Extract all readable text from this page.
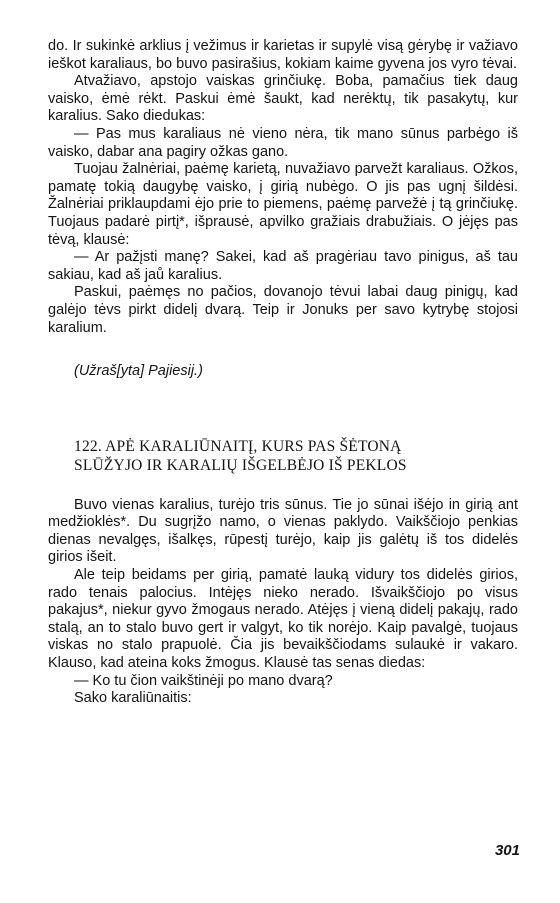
do. Ir sukinkė arklius į vežimus ir karietas ir supylė visą gėrybę ir važiavo ieškot karaliaus, bo buvo pasirašius, kokiam kaime gyvena jos vyro tėvai.

Atvažiavo, apstojo vaiskas grinčiukę. Boba, pamačius tiek daug vaisko, ėmė rėkt. Paskui ėmė šaukt, kad nerėktų, tik pasakytų, kur karalius. Sako diedukas:

— Pas mus karaliaus nė vieno nėra, tik mano sūnus parbėgo iš vaisko, dabar ana pagiry ožkas gano.

Tuojau žalnėriai, paėmę karietą, nuvažiavo parvežt karaliaus. Ožkos, pamatę tokią daugybę vaisko, į girią nubėgo. O jis pas ugnį šildėsi. Žalnėriai priklaupdami ėjo prie to piemens, paėmę parvežė į tą grinčiukę. Tuojaus padarė pirtį*, išprausė, apvilko gražiais drabužiais. O jėjęs pas tėvą, klausė:

— Ar pažįsti manę? Sakei, kad aš pragėriau tavo pinigus, aš tau sakiau, kad aš jaů karalius.

Paskui, paėmęs no pačios, dovanojo tėvui labai daug pinigų, kad galėjo tėvs pirkt didelį dvarą. Teip ir Jonuks per savo kytrybę stojosi karalium.

(Užraš[yta] Pajiesij.)

122. APĖ KARALIŪNAITĮ, KURS PAS ŠĖTONĄ
SLŪŽYJO IR KARALIŲ IŠGELBĖJO IŠ PEKLOS

Buvo vienas karalius, turėjo tris sūnus. Tie jo sūnai išėjo in girią ant medžioklės*. Du sugrįžo namo, o vienas paklydo. Vaikščiojo penkias dienas nevalgęs, išalkęs, rūpestį turėjo, kaip jis galėtų iš tos didelės girios išeit.

Ale teip beidams per girią, pamatė lauką vidury tos didelės girios, rado tenais palocius. Intėjęs nieko nerado. Išvaikščiojo po visus pakajus*, niekur gyvo žmogaus nerado. Atėjęs į vieną didelį pakajų, rado stalą, an to stalo buvo gert ir valgyt, ko tik norėjo. Kaip pavalgė, tuojaus viskas no stalo prapuolė. Čia jis bevaikščiodams sulaukė ir vakaro. Klauso, kad ateina koks žmogus. Klausė tas senas diedas:

— Ko tu čion vaikštinėji po mano dvarą?

Sako karaliūnaitis:

301
